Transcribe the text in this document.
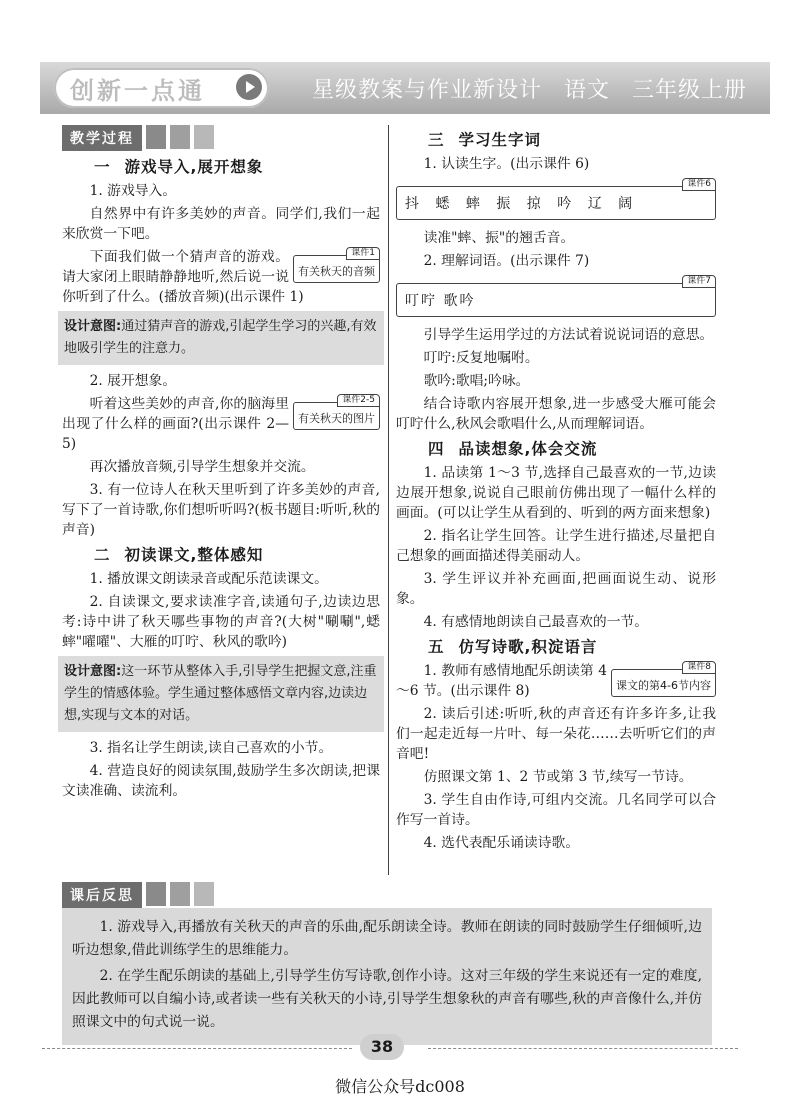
创新一点通	星级教案与作业新设计 语文 三年级上册
教学过程
一 游戏导入,展开想象

1. 游戏导入。

自然界中有许多美妙的声音。同学们,我们一起来欣赏一下吧。

课件1
有关秋天的音频

下面我们做一个猜声音的游戏。请大家闭上眼睛静静地听,然后说一说你听到了什么。(播放音频)(出示课件 1)

设计意图:通过猜声音的游戏,引起学生学习的兴趣,有效地吸引学生的注意力。

2. 展开想象。

课件2-5
有关秋天的图片

听着这些美妙的声音,你的脑海里出现了什么样的画面?(出示课件 2—5)

再次播放音频,引导学生想象并交流。

3. 有一位诗人在秋天里听到了许多美妙的声音,写下了一首诗歌,你们想听听吗?(板书题目:听听,秋的声音)

二 初读课文,整体感知

1. 播放课文朗读录音或配乐范读课文。

2. 自读课文,要求读准字音,读通句子,边读边思考:诗中讲了秋天哪些事物的声音?(大树"唰唰",蟋蟀"嚁嚁"、大雁的叮咛、秋风的歌吟)

设计意图:这一环节从整体入手,引导学生把握文意,注重学生的情感体验。学生通过整体感悟文章内容,边读边想,实现与文本的对话。

3. 指名让学生朗读,读自己喜欢的小节。

4. 营造良好的阅读氛围,鼓励学生多次朗读,把课文读准确、读流利。

三 学习生字词

1. 认读生字。(出示课件 6)

课件6
抖 蟋 蟀 振 掠 吟 辽 阔

读准"蟀、振"的翘舌音。

2. 理解词语。(出示课件 7)

课件7
叮咛 歌吟

引导学生运用学过的方法试着说说词语的意思。

叮咛:反复地嘱咐。

歌吟:歌唱;吟咏。

结合诗歌内容展开想象,进一步感受大雁可能会叮咛什么,秋风会歌唱什么,从而理解词语。

四 品读想象,体会交流

1. 品读第 1～3 节,选择自己最喜欢的一节,边读边展开想象,说说自己眼前仿佛出现了一幅什么样的画面。(可以让学生从看到的、听到的两方面来想象)

2. 指名让学生回答。让学生进行描述,尽量把自己想象的画面描述得美丽动人。

3. 学生评议并补充画面,把画面说生动、说形象。

4. 有感情地朗读自己最喜欢的一节。

五 仿写诗歌,积淀语言
课件8
课文的第4-6节内容

1. 教师有感情地配乐朗读第 4～6 节。(出示课件 8)

2. 读后引述:听听,秋的声音还有许多许多,让我们一起走近每一片叶、每一朵花……去听听它们的声音吧!

仿照课文第 1、2 节或第 3 节,续写一节诗。

3. 学生自由作诗,可组内交流。几名同学可以合作写一首诗。

4. 选代表配乐诵读诗歌。

课后反思

1. 游戏导入,再播放有关秋天的声音的乐曲,配乐朗读全诗。教师在朗读的同时鼓励学生仔细倾听,边听边想象,借此训练学生的思维能力。

2. 在学生配乐朗读的基础上,引导学生仿写诗歌,创作小诗。这对三年级的学生来说还有一定的难度,因此教师可以自编小诗,或者读一些有关秋天的小诗,引导学生想象秋的声音有哪些,秋的声音像什么,并仿照课文中的句式说一说。

38
微信公众号dc008
